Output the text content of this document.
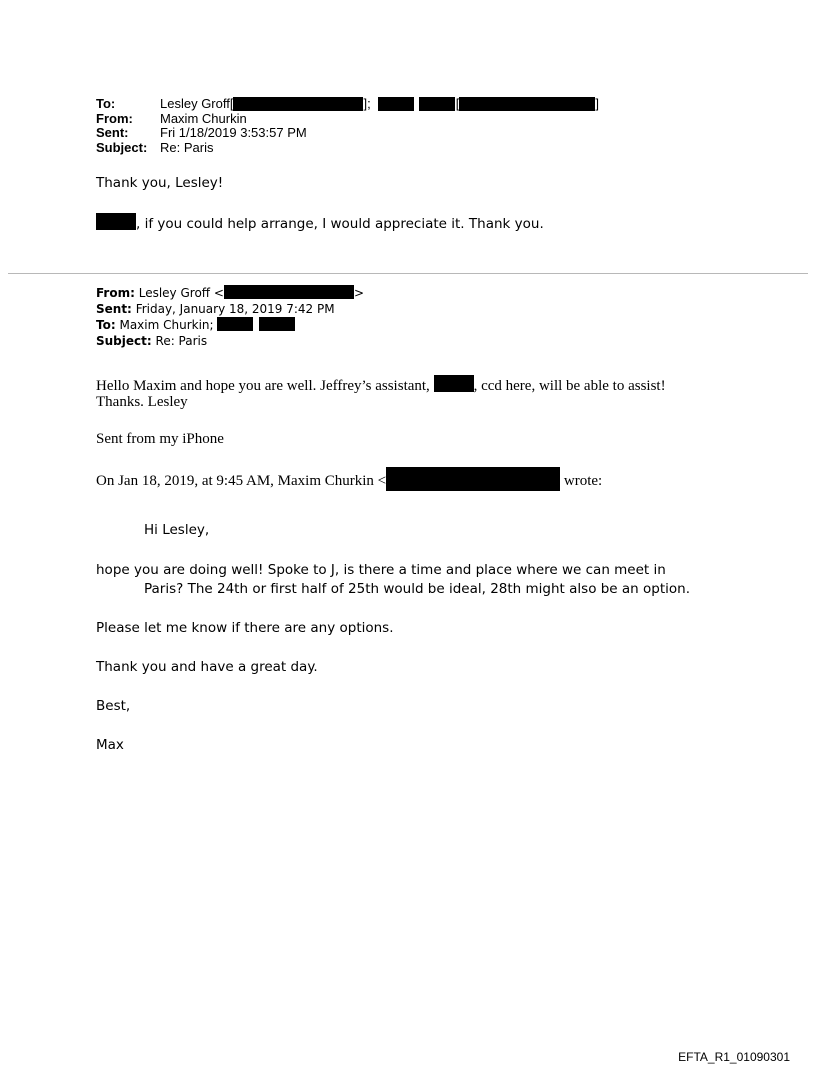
To:	Lesley Groff[	];	[	]
From:	Maxim Churkin
Sent:	Fri 1/18/2019 3:53:57 PM
Subject: Re: Paris
Thank you, Lesley!
, if you could help arrange, I would appreciate it. Thank you.
From: Lesley Groff <	>
Sent: Friday, January 18, 2019 7:42 PM
To: Maxim Churkin;
Subject: Re: Paris
Hello Maxim and hope you are well. Jeffrey’s assistant,	, ccd here, will be able to assist!
Thanks. Lesley
Sent from my iPhone
On Jan 18, 2019, at 9:45 AM, Maxim Churkin <	wrote:
Hi Lesley,
hope you are doing well! Spoke to J, is there a time and place where we can meet in
Paris? The 24th or first half of 25th would be ideal, 28th might also be an option.
Please let me know if there are any options.
Thank you and have a great day.
Best,
Max
EFTA_R1_01090301
